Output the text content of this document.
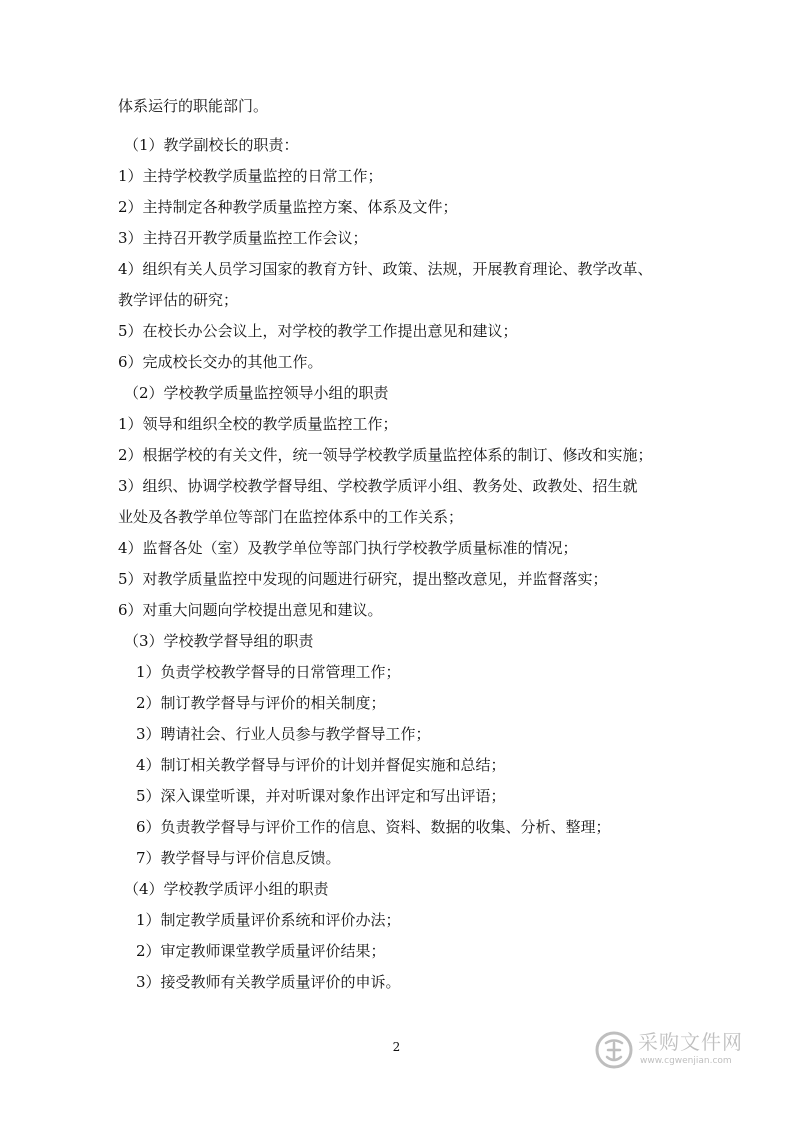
体系运行的职能部门。
（1）教学副校长的职责：
1）主持学校教学质量监控的日常工作；
2）主持制定各种教学质量监控方案、体系及文件；
3）主持召开教学质量监控工作会议；
4）组织有关人员学习国家的教育方针、政策、法规，开展教育理论、教学改革、
教学评估的研究；
5）在校长办公会议上，对学校的教学工作提出意见和建议；
6）完成校长交办的其他工作。
（2）学校教学质量监控领导小组的职责
1）领导和组织全校的教学质量监控工作；
2）根据学校的有关文件，统一领导学校教学质量监控体系的制订、修改和实施；
3）组织、协调学校教学督导组、学校教学质评小组、教务处、政教处、招生就
业处及各教学单位等部门在监控体系中的工作关系；
4）监督各处（室）及教学单位等部门执行学校教学质量标准的情况；
5）对教学质量监控中发现的问题进行研究，提出整改意见，并监督落实；
6）对重大问题向学校提出意见和建议。
（3）学校教学督导组的职责
1）负责学校教学督导的日常管理工作；
2）制订教学督导与评价的相关制度；
3）聘请社会、行业人员参与教学督导工作；
4）制订相关教学督导与评价的计划并督促实施和总结；
5）深入课堂听课，并对听课对象作出评定和写出评语；
6）负责教学督导与评价工作的信息、资料、数据的收集、分析、整理；
7）教学督导与评价信息反馈。
（4）学校教学质评小组的职责
1）制定教学质量评价系统和评价办法；
2）审定教师课堂教学质量评价结果；
3）接受教师有关教学质量评价的申诉。
2	采购文件网
www.cgwenjian.com
